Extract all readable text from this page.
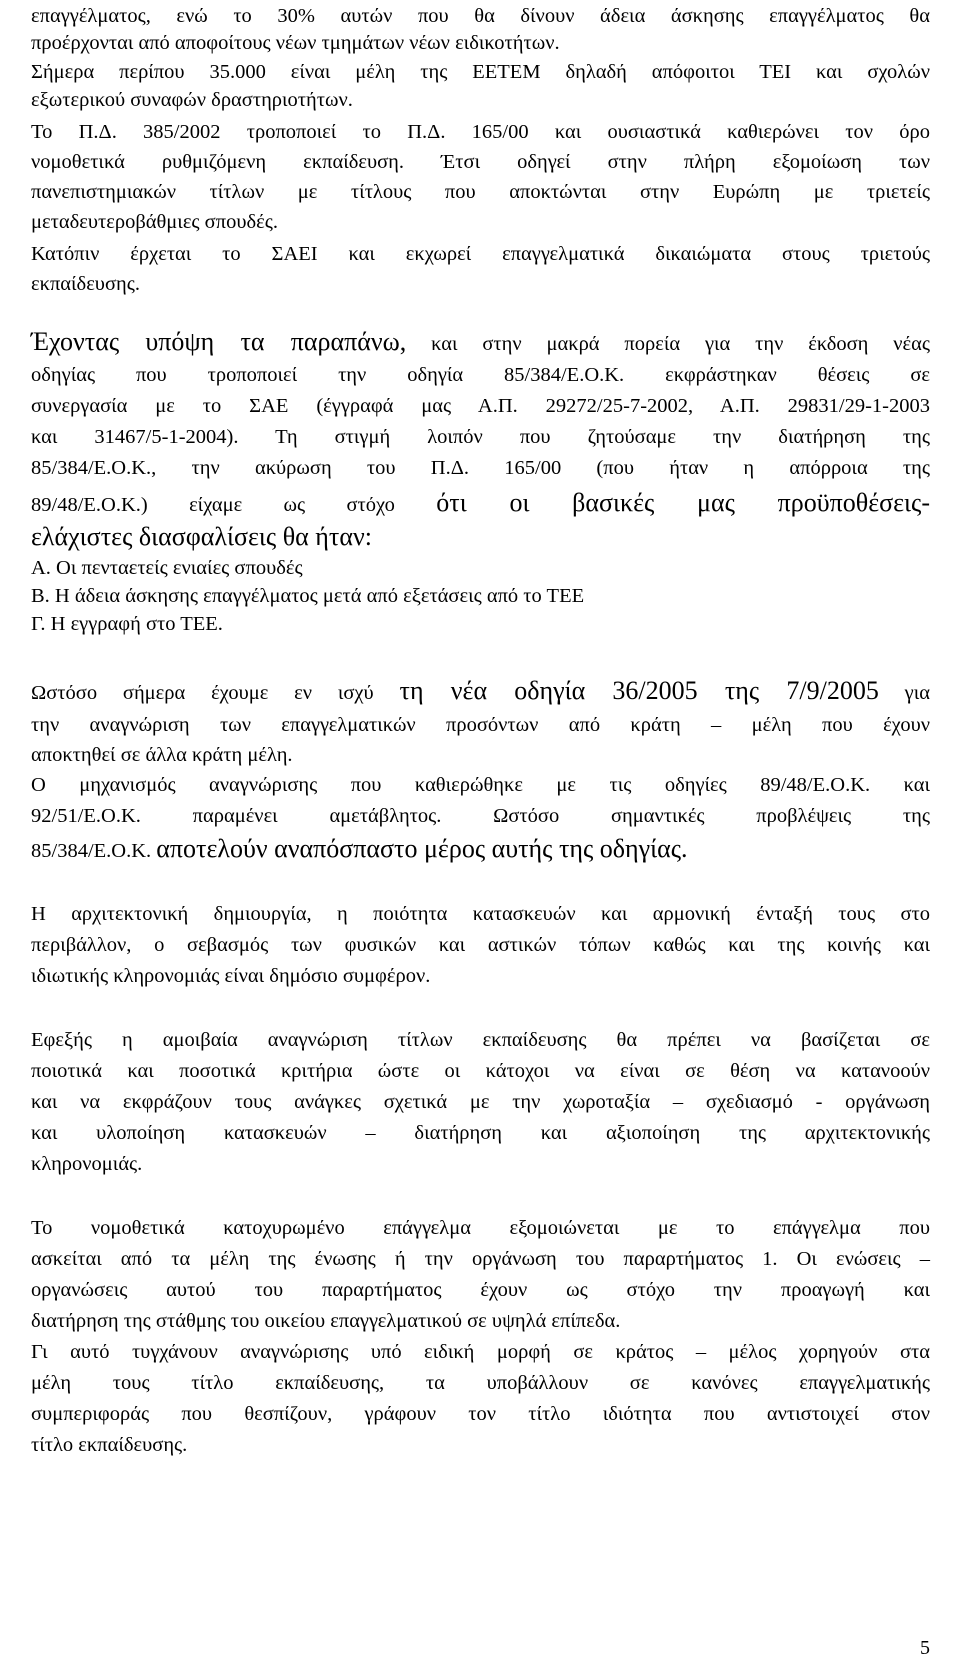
επαγγέλματος, ενώ το 30% αυτών που θα δίνουν άδεια άσκησης επαγγέλματος θα
προέρχονται από αποφοίτους νέων τμημάτων νέων ειδικοτήτων.
Σήμερα περίπου 35.000 είναι μέλη της ΕΕΤΕΜ δηλαδή απόφοιτοι ΤΕΙ και σχολών
εξωτερικού συναφών δραστηριοτήτων.
Το Π.Δ. 385/2002 τροποποιεί το Π.Δ. 165/00 και ουσιαστικά καθιερώνει τον όρο
νομοθετικά ρυθμιζόμενη εκπαίδευση. Έτσι οδηγεί στην πλήρη εξομοίωση των
πανεπιστημιακών τίτλων με τίτλους που αποκτώνται στην Ευρώπη με τριετείς
μεταδευτεροβάθμιες σπουδές.
Κατόπιν έρχεται το ΣΑΕΙ και εκχωρεί επαγγελματικά δικαιώματα στους τριετούς
εκπαίδευσης.
Έχοντας υπόψη τα παραπάνω, και στην μακρά πορεία για την έκδοση νέας
οδηγίας που τροποποιεί την οδηγία 85/384/Ε.Ο.Κ. εκφράστηκαν θέσεις σε
συνεργασία με το ΣΑΕ (έγγραφά μας Α.Π. 29272/25-7-2002, Α.Π. 29831/29-1-2003
και 31467/5-1-2004). Τη στιγμή λοιπόν που ζητούσαμε την διατήρηση της
85/384/Ε.Ο.Κ., την ακύρωση του Π.Δ. 165/00 (που ήταν η απόρροια της
89/48/Ε.Ο.Κ.) είχαμε ως στόχο ότι οι βασικές μας προϋποθέσεις-
ελάχιστες διασφαλίσεις θα ήταν:
Α. Οι πενταετείς ενιαίες σπουδές
Β. Η άδεια άσκησης επαγγέλματος μετά από εξετάσεις από το ΤΕΕ
Γ. Η εγγραφή στο ΤΕΕ.
Ωστόσο σήμερα έχουμε εν ισχύ τη νέα οδηγία 36/2005 της 7/9/2005 για
την αναγνώριση των επαγγελματικών προσόντων από κράτη – μέλη που έχουν
αποκτηθεί σε άλλα κράτη μέλη.
Ο μηχανισμός αναγνώρισης που καθιερώθηκε με τις οδηγίες 89/48/Ε.Ο.Κ. και
92/51/Ε.Ο.Κ. παραμένει αμετάβλητος. Ωστόσο σημαντικές προβλέψεις της
85/384/Ε.Ο.Κ. αποτελούν αναπόσπαστο μέρος αυτής της οδηγίας.
Η αρχιτεκτονική δημιουργία, η ποιότητα κατασκευών και αρμονική ένταξή τους στο
περιβάλλον, ο σεβασμός των φυσικών και αστικών τόπων καθώς και της κοινής και
ιδιωτικής κληρονομιάς είναι δημόσιο συμφέρον.
Εφεξής η αμοιβαία αναγνώριση τίτλων εκπαίδευσης θα πρέπει να βασίζεται σε
ποιοτικά και ποσοτικά κριτήρια ώστε οι κάτοχοι να είναι σε θέση να κατανοούν
και να εκφράζουν τους ανάγκες σχετικά με την χωροταξία – σχεδιασμό - οργάνωση
και υλοποίηση κατασκευών – διατήρηση και αξιοποίηση της αρχιτεκτονικής
κληρονομιάς.
Το νομοθετικά κατοχυρωμένο επάγγελμα εξομοιώνεται με το επάγγελμα που
ασκείται από τα μέλη της ένωσης ή την οργάνωση του παραρτήματος 1. Οι ενώσεις –
οργανώσεις αυτού του παραρτήματος έχουν ως στόχο την προαγωγή και
διατήρηση της στάθμης του οικείου επαγγελματικού σε υψηλά επίπεδα.
Γι αυτό τυγχάνουν αναγνώρισης υπό ειδική μορφή σε κράτος – μέλος χορηγούν στα
μέλη τους τίτλο εκπαίδευσης, τα υποβάλλουν σε κανόνες επαγγελματικής
συμπεριφοράς που θεσπίζουν, γράφουν τον τίτλο ιδιότητα που αντιστοιχεί στον
τίτλο εκπαίδευσης.
5
